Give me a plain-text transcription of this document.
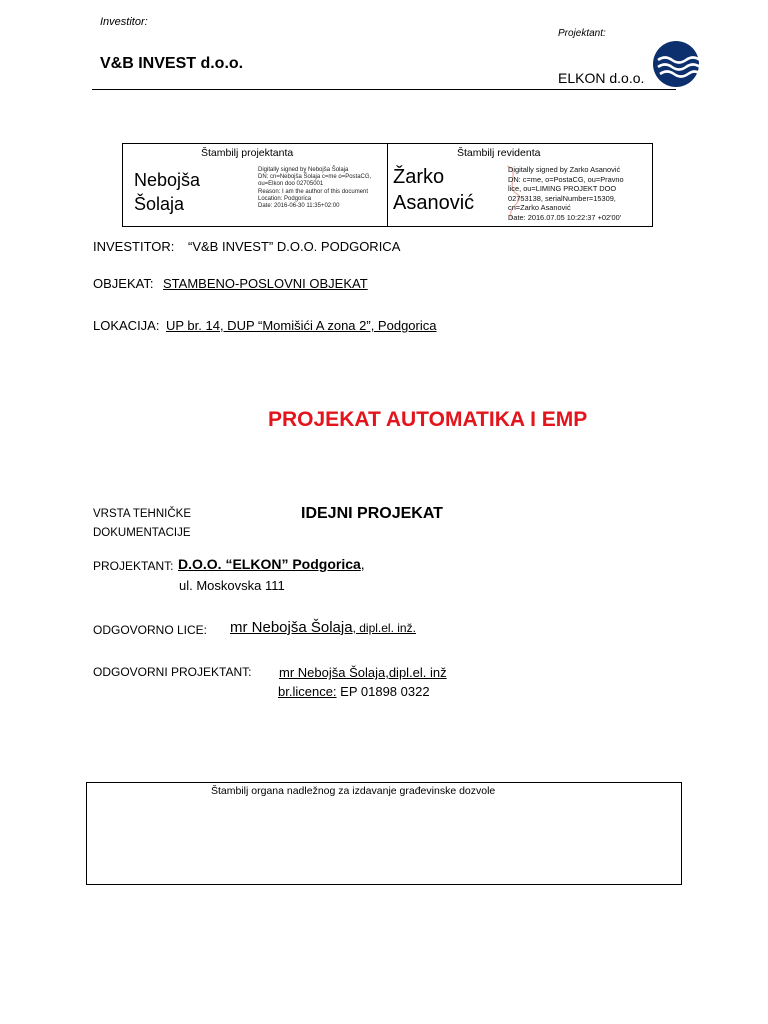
Investitor:
V&B INVEST d.o.o.
Projektant:
ELKON d.o.o.
Štambilj projektanta
Nebojša
Šolaja
Digitally signed by Nebojša Šolaja
DN: cn=Nebojša Šolaja c=me o=PostaCG,
ou=Elkon doo 02705001
Reason: I am the author of this document
Location: Podgorica
Date: 2016-06-30 11:35+02:00
Štambilj revidenta
Žarko
Asanović
Digitally signed by Zarko Asanović
DN: c=me, o=PostaCG, ou=Pravno
lice, ou=LIMING PROJEKT DOO
02753138, serialNumber=15309,
cn=Zarko Asanović
Date: 2016.07.05 10:22:37 +02'00'
INVESTITOR: “V&B INVEST” D.O.O. PODGORICA
OBJEKAT: STAMBENO-POSLOVNI OBJEKAT
LOKACIJA: UP br. 14, DUP “Momišići A zona 2”, Podgorica
PROJEKAT AUTOMATIKA I EMP
VRSTA TEHNIČKE
DOKUMENTACIJE
IDEJNI PROJEKAT
PROJEKTANT: D.O.O. “ELKON” Podgorica,
ul. Moskovska 111
ODGOVORNO LICE: mr Nebojša Šolaja, dipl.el. inž.
ODGOVORNI PROJEKTANT: mr Nebojša Šolaja,dipl.el. inž
br.licence: EP 01898 0322
Štambilj organa nadležnog za izdavanje građevinske dozvole
